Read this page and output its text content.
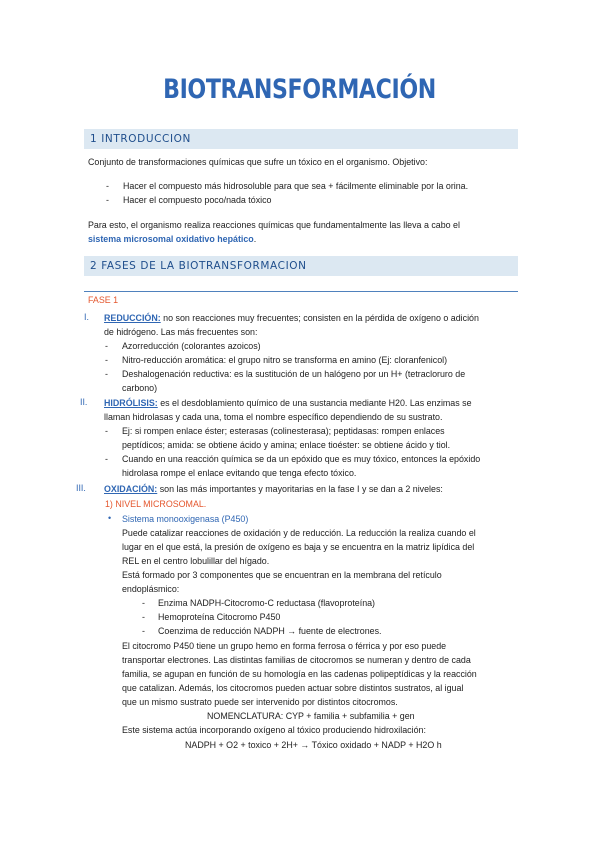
BIOTRANSFORMACIÓN
1 INTRODUCCION
Conjunto de transformaciones químicas que sufre un tóxico en el organismo. Objetivo:
- Hacer el compuesto más hidrosoluble para que sea + fácilmente eliminable por la orina.
- Hacer el compuesto poco/nada tóxico
Para esto, el organismo realiza reacciones químicas que fundamentalmente las lleva a cabo el
sistema microsomal oxidativo hepático.
2 FASES DE LA BIOTRANSFORMACION
FASE 1
I. REDUCCIÓN: no son reacciones muy frecuentes; consisten en la pérdida de oxígeno o adición
de hidrógeno. Las más frecuentes son:
- Azorreducción (colorantes azoicos)
- Nitro-reducción aromática: el grupo nitro se transforma en amino (Ej: cloranfenicol)
- Deshalogenación reductiva: es la sustitución de un halógeno por un H+ (tetracloruro de
carbono)
II. HIDRÓLISIS: es el desdoblamiento químico de una sustancia mediante H20. Las enzimas se
llaman hidrolasas y cada una, toma el nombre específico dependiendo de su sustrato.
- Ej: si rompen enlace éster; esterasas (colinesterasa); peptidasas: rompen enlaces
peptídicos; amida: se obtiene ácido y amina; enlace tioéster: se obtiene ácido y tiol.
- Cuando en una reacción química se da un epóxido que es muy tóxico, entonces la epóxido
hidrolasa rompe el enlace evitando que tenga efecto tóxico.
III. OXIDACIÓN: son las más importantes y mayoritarias en la fase I y se dan a 2 niveles:
1) NIVEL MICROSOMAL.
• Sistema monooxigenasa (P450)
Puede catalizar reacciones de oxidación y de reducción. La reducción la realiza cuando el
lugar en el que está, la presión de oxígeno es baja y se encuentra en la matriz lipídica del
REL en el centro lobulillar del hígado.
Está formado por 3 componentes que se encuentran en la membrana del retículo
endoplásmico:
- Enzima NADPH-Citocromo-C reductasa (flavoproteína)
- Hemoproteína Citocromo P450
- Coenzima de reducción NADPH → fuente de electrones.
El citocromo P450 tiene un grupo hemo en forma ferrosa o férrica y por eso puede
transportar electrones. Las distintas familias de citocromos se numeran y dentro de cada
familia, se agupan en función de su homología en las cadenas polipeptídicas y la reacción
que catalizan. Además, los citocromos pueden actuar sobre distintos sustratos, al igual
que un mismo sustrato puede ser intervenido por distintos citocromos.
NOMENCLATURA: CYP + familia + subfamilia + gen
Este sistema actúa incorporando oxígeno al tóxico produciendo hidroxilación:
NADPH + O2 + toxico + 2H+ → Tóxico oxidado + NADP + H2O h
